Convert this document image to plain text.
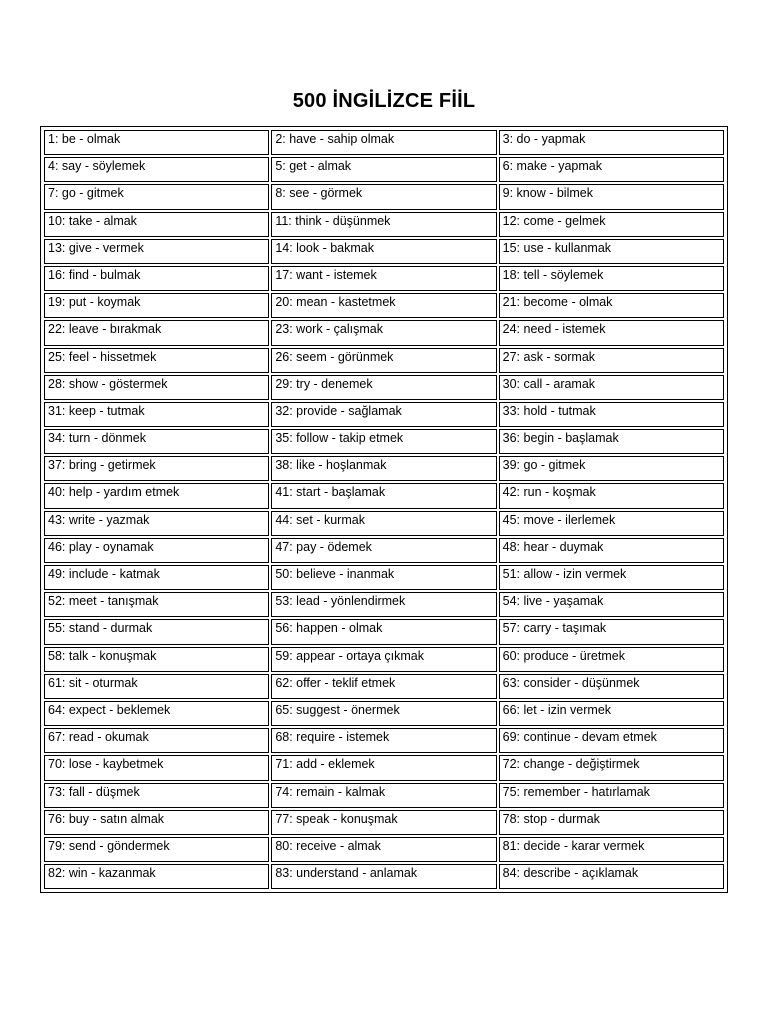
500 İNGİLİZCE FİİL
1: be - olmak	2: have - sahip olmak	3: do - yapmak

4: say - söylemek	5: get - almak	6: make - yapmak

7: go - gitmek	8: see - görmek	9: know - bilmek

10: take - almak	11: think - düşünmek	12: come - gelmek

13: give - vermek	14: look - bakmak	15: use - kullanmak

16: find - bulmak	17: want - istemek	18: tell - söylemek

19: put - koymak	20: mean - kastetmek	21: become - olmak

22: leave - bırakmak	23: work - çalışmak	24: need - istemek

25: feel - hissetmek	26: seem - görünmek	27: ask - sormak

28: show - göstermek	29: try - denemek	30: call - aramak

31: keep - tutmak	32: provide - sağlamak	33: hold - tutmak

34: turn - dönmek	35: follow - takip etmek	36: begin - başlamak

37: bring - getirmek	38: like - hoşlanmak	39: go - gitmek

40: help - yardım etmek	41: start - başlamak	42: run - koşmak

43: write - yazmak	44: set - kurmak	45: move - ilerlemek

46: play - oynamak	47: pay - ödemek	48: hear - duymak

49: include - katmak	50: believe - inanmak	51: allow - izin vermek

52: meet - tanışmak	53: lead - yönlendirmek	54: live - yaşamak

55: stand - durmak	56: happen - olmak	57: carry - taşımak

58: talk - konuşmak	59: appear - ortaya çıkmak	60: produce - üretmek

61: sit - oturmak	62: offer - teklif etmek	63: consider - düşünmek

64: expect - beklemek	65: suggest - önermek	66: let - izin vermek

67: read - okumak	68: require - istemek	69: continue - devam etmek

70: lose - kaybetmek	71: add - eklemek	72: change - değiştirmek

73: fall - düşmek	74: remain - kalmak	75: remember - hatırlamak

76: buy - satın almak	77: speak - konuşmak	78: stop - durmak

79: send - göndermek	80: receive - almak	81: decide - karar vermek

82: win - kazanmak	83: understand - anlamak	84: describe - açıklamak
